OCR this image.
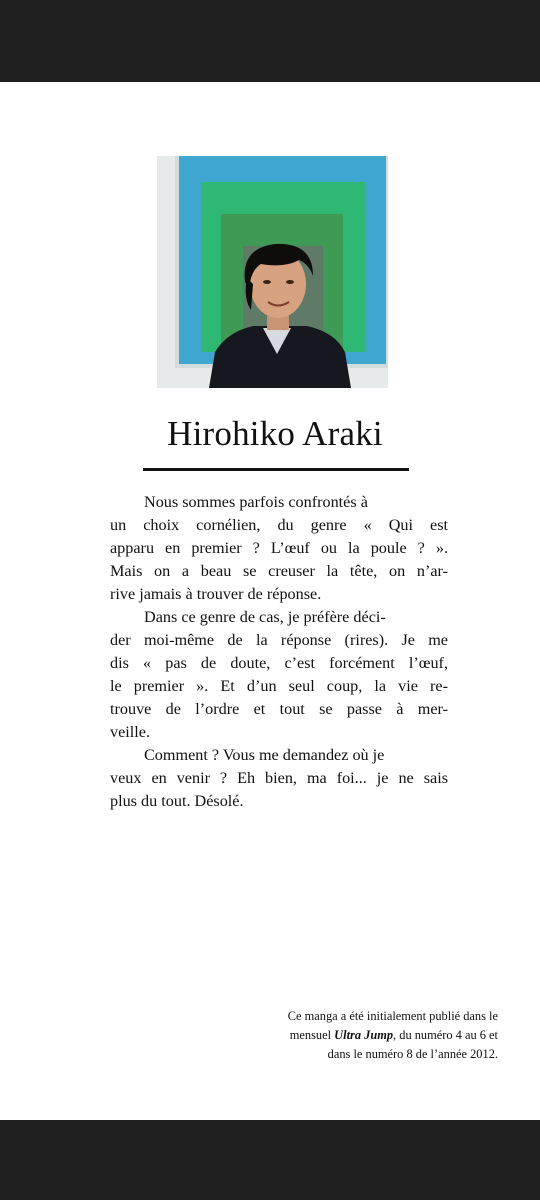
Hirohiko Araki
Nous sommes parfois confrontés à
un choix cornélien, du genre « Qui est
apparu en premier ? L’œuf ou la poule ? ».
Mais on a beau se creuser la tête, on n’ar-
rive jamais à trouver de réponse.
Dans ce genre de cas, je préfère déci-
der moi-même de la réponse (rires). Je me
dis « pas de doute, c’est forcément l’œuf,
le premier ». Et d’un seul coup, la vie re-
trouve de l’ordre et tout se passe à mer-
veille.
Comment ? Vous me demandez où je
veux en venir ? Eh bien, ma foi... je ne sais
plus du tout. Désolé.
Ce manga a été initialement publié dans le
mensuel Ultra Jump, du numéro 4 au 6 et
dans le numéro 8 de l’année 2012.
